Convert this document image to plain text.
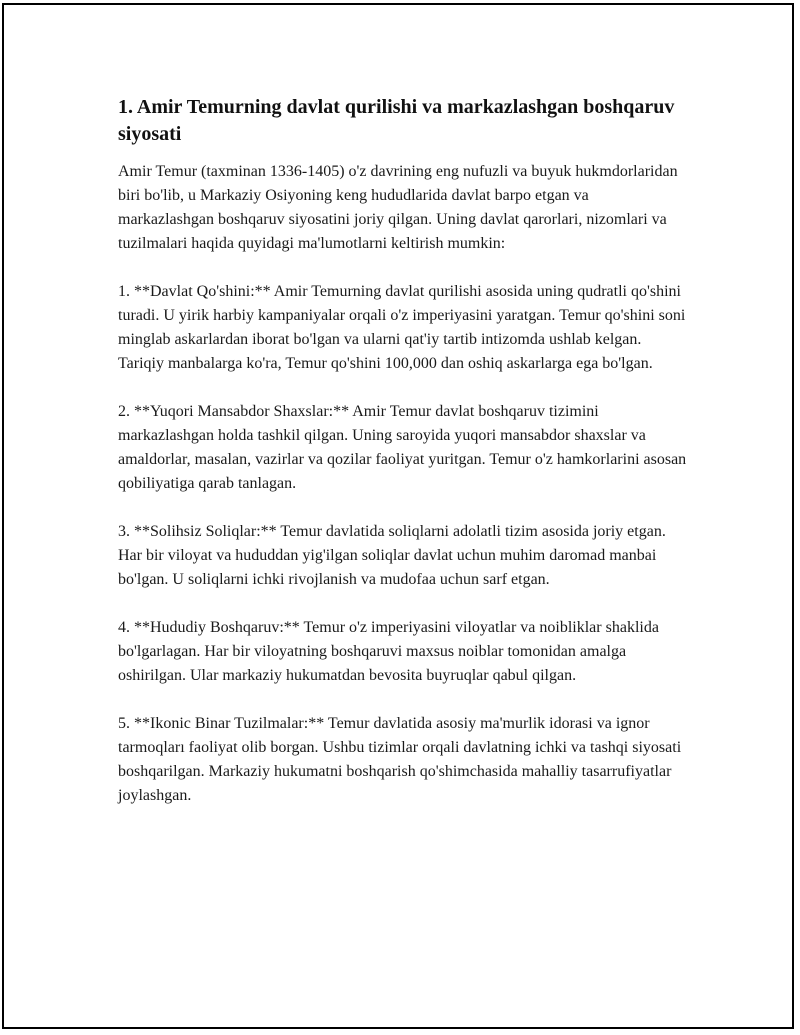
1. Amir Temurning davlat qurilishi va markazlashgan boshqaruv siyosati

Amir Temur (taxminan 1336-1405) o'z davrining eng nufuzli va buyuk hukmdorlaridan biri bo'lib, u Markaziy Osiyoning keng hududlarida davlat barpo etgan va markazlashgan boshqaruv siyosatini joriy qilgan. Uning davlat qarorlari, nizomlari va tuzilmalari haqida quyidagi ma'lumotlarni keltirish mumkin:

1. **Davlat Qo'shini:** Amir Temurning davlat qurilishi asosida uning qudratli qo'shini turadi. U yirik harbiy kampaniyalar orqali o'z imperiyasini yaratgan. Temur qo'shini soni minglab askarlardan iborat bo'lgan va ularni qat'iy tartib intizomda ushlab kelgan. Tariqiy manbalarga ko'ra, Temur qo'shini 100,000 dan oshiq askarlarga ega bo'lgan.

2. **Yuqori Mansabdor Shaxslar:** Amir Temur davlat boshqaruv tizimini markazlashgan holda tashkil qilgan. Uning saroyida yuqori mansabdor shaxslar va amaldorlar, masalan, vazirlar va qozilar faoliyat yuritgan. Temur o'z hamkorlarini asosan qobiliyatiga qarab tanlagan.

3. **Solihsiz Soliqlar:** Temur davlatida soliqlarni adolatli tizim asosida joriy etgan. Har bir viloyat va hududdan yig'ilgan soliqlar davlat uchun muhim daromad manbai bo'lgan. U soliqlarni ichki rivojlanish va mudofaa uchun sarf etgan.

4. **Hududiy Boshqaruv:** Temur o'z imperiyasini viloyatlar va noibliklar shaklida bo'lgarlagan. Har bir viloyatning boshqaruvi maxsus noiblar tomonidan amalga oshirilgan. Ular markaziy hukumatdan bevosita buyruqlar qabul qilgan.

5. **Ikonic Binar Tuzilmalar:** Temur davlatida asosiy ma'murlik idorasi va ignor tarmoqları faoliyat olib borgan. Ushbu tizimlar orqali davlatning ichki va tashqi siyosati boshqarilgan. Markaziy hukumatni boshqarish qo'shimchasida mahalliy tasarrufiyatlar joylashgan.
